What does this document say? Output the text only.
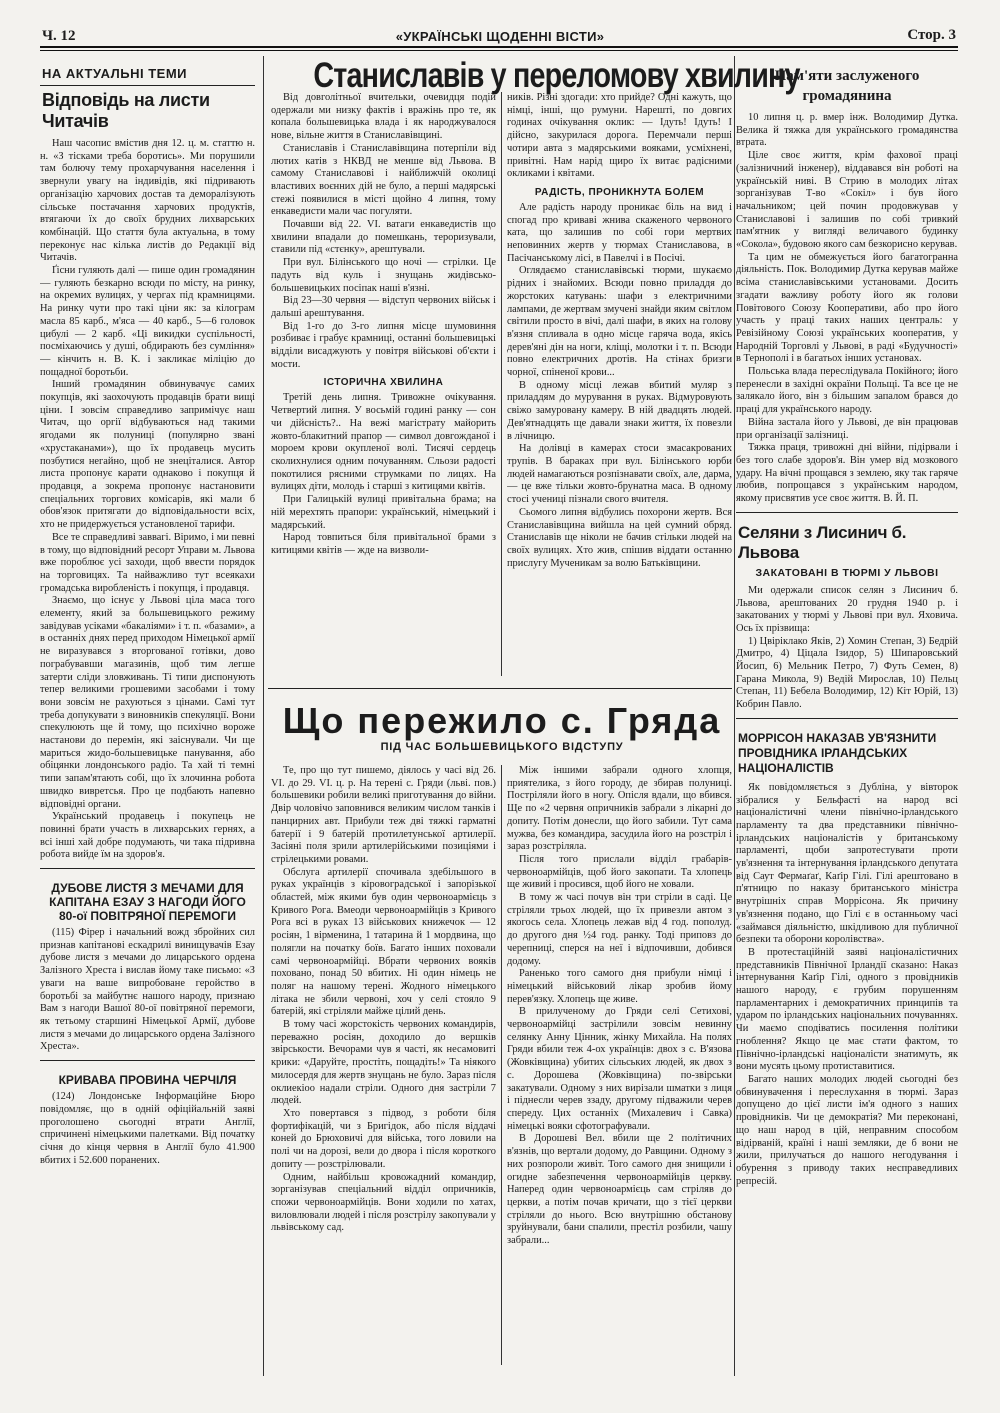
Ч. 12	«УКРАЇНСЬКІ ЩОДЕННІ ВІСТИ»	Стор. 3
НА АКТУАЛЬНІ ТЕМИ
Відповідь на листи Читачів

Наш часопис вмістив дня 12. ц. м. статтю н. н. «З тісками треба боротись». Ми порушили там болючу тему прохарчування населення і звернули увагу на індивідів, які підривають організацію харчових достав та деморалізують сільське постачання харчових продуктів, втягаючи їх до своїх брудних лихварських комбінацій. Що стаття була актуальна, в тому переконує нас кілька листів до Редакції від Читачів.

Ґісни гуляють далі — пише один громадянин — гуляють безкарно всюди по місту, на ринку, на окремих вулицях, у чергах під крамницями. На ринку чути про такі ціни як: за кілограм масла 85 карб., м'яса — 40 карб., 5—6 головок цибулі — 2 карб. «Ці викидки суспільності, посміхаючись у душі, обдирають без сумління» — кінчить н. В. К. і закликає міліцію до пощадної боротьби.

Інший громадянин обвинувачує самих покупців, які заохочують продавців брати вищі ціни. І зовсім справедливо запримічує наш Читач, що оргії відбуваються над такими ягодами як полуниці (популярно звані «хрустаканами»), що їх продавець мусить позбутися негайно, щоб не знеціталися. Автор листа пропонує карати однаково і покупця й продавця, а зокрема пропонує настановити спеціальних торгових комісарів, які мали б обов'язок притягати до відповідальности всіх, хто не придержується установленої тарифи.

Все те справедливі заввагі. Віримо, і ми певні в тому, що відповідний ресорт Управи м. Львова вже пороблює усі заходи, щоб ввести порядок на торговицях. Та найважливо тут всеякахи громадська вирoбленість і покупця, і продавця.

Знаємо, що існує у Львові ціла маса того елементу, який за большевицького режиму завідував усіками «бакаліями» і т. п. «базами», а в останніх днях перед приходом Німецької армії не виразувався з вторгованої готівки, дово пограбувавши магазинів, щоб тим легше затерти сліди зловживань. Ті типи диспонують тепер великими грошевими засобами і тому вони зовсім не рахуються з цінами. Самі тут треба допукувати з виновників спекуляції. Вони спекулюють ще й тому, що психічно вороже настанови до перемін, які заіснували. Чи ще мариться жидо-большевицьке панування, або обіцянки лондонського радіо. Та хай ті темні типи запам'ятають собі, що їх злочинна робота швидко вивретсья. Про це подбають напевно відповідні органи.

Український продавець і покупець не повинні брати участь в лихварських гернях, а всі інші хай добре подумають, чи така підривна робота вийде їм на здоров'я.

ДУБОВЕ ЛИСТЯ З МЕЧАМИ ДЛЯ КАПІТАНА ЕЗАУ З НАГОДИ ЙОГО 80-ої ПОВІТРЯНОЇ ПЕРЕМОГИ

(115) Фірер і начальний вожд збройних сил признав капітанові ескадрилі винищувачів Езау дубове листя з мечами до лицарського ордена Залізного Хреста і вислав йому таке письмо: «З уваги на ваше випробоване геройство в боротьбі за майбутнє нашого народу, признаю Вам з нагоди Вашої 80-ої повітряної перемоги, як тетьому старшині Німецької Армії, дубове листя з мечами до лицарського ордена Залізного Хреста».

КРИВАВА ПРОВИНА ЧЕРЧІЛЯ

(124) Лондонське Інформаційне Бюро повідомляє, що в одній офіційальній заяві проголошено сьогодні втрати Англії, спричинені німецькими палетками. Від початку січня до кінця червня в Англії було 41.900 вбитих і 52.600 поранених.

Станиславів у переломову хвилину

Від довголітньої вчительки, очевидця подій одержали ми низку фактів і вражінь про те, як копала большевицька влада і як народжувалося нове, вільне життя в Станиславівщині.

Станиславів і Станиславівщина потерпіли від лютих катів з НКВД не менше від Львова. В самому Станиславові і найближчій околиці властивих воєнних дій не було, а перші мадярські стежі появилися в місті щойно 4 липня, тому енкаведисти мали час погуляти.

Почавши від 22. VI. ватаги енкаведистів що хвилини впадали до помешкань, тероризували, ставили під «стєнку», арештували.

При вул. Білінського що ночі — стрілки. Це падуть від куль і знущань жидівсько-большевицьких посіпак наші в'язні.

Від 23—30 червня — відступ червоних військ і дальші арештування.

Від 1-го до 3-го липня місце шумовиння розбиває і грабує крамниці, останні большевицькі відділи висаджують у повітря військові об'єкти і мости.

ІСТОРИЧНА ХВИЛИНА

Третій день липня. Тривожне очікування. Четвертий липня. У восьмій годині ранку — сон чи дійсність?.. На вежі магістрату майорить жовто-блакитний прапор — символ довгожданої і мороем крови окупленої волі. Тисячі сердець сколихнулися одним почуванням. Сльози радості покотилися рясними струмками по лицях. На вулицях діти, молодь і старші з китицями квітів.

При Галицькій вулиці привітальна брама; на ній мерехтять прапори: український, німецький і мадярський.

Народ товпиться біля привітальної брами з китицями квітів — жде на визволи-

ників. Різні здогади: хто прийде? Одні кажуть, що німці, інші, що румуни. Нарешті, по довгих годинах очікування оклик: — Ідуть! Ідуть! І дійсно, закурилася дорога. Перемчали перші чотири авта з мадярськими вояками, усміхнені, привітні. Нам нарід щиро їх витає радісними окликами і квітами.

РАДІСТЬ, ПРОНИКНУТА БОЛЕМ

Але радість народу проникає біль на вид і спогад про криваві жнива скаженого червоного ката, що залишив по собі гори мертвих неповинних жертв у тюрмах Станиславова, в Пасічанському лісі, в Павелчі і в Посічі.

Оглядаємо станиславівські тюрми, шукаємо рідних і знайомих. Всюди повно приладдя до жорстоких катувань: шафи з електричними лампами, де жертвам змучені знайди яким світлом світили просто в вічі, далі шафи, в яких на голову в'язня спливала в одно місце гаряча вода, якісь дерев'яні дін на ноги, кліщі, молотки і т. п. Всюди повно електричних дротів. На стінах бризги чорної, спіненої крови...

В одному місці лежав вбитий муляр з приладдям до мурування в руках. Відмуровують свіжо замуровану камеру. В ній двадцять людей. Дев'ятнадцять ще давали знаки життя, їх повезли в лічницю.

На долівці в камерах стоси змасакрованих трупів. В бараках при вул. Білінського юрби людей намагаються розпізнавати своїх, але, дарма, — це вже тільки жовто-брунатна маса. В одному стосі учениці пізнали свого вчителя.

Сьомого липня відбулись похорони жертв. Вся Станиславівщина вийшла на цей сумний обряд. Станиславів ще ніколи не бачив стільки людей на своїх вулицях. Хто жив, спішив віддати останню прислугу Мученикам за волю Батьківщини.

Що пережило с. Гряда
ПІД ЧАС БОЛЬШЕВИЦЬКОГО ВІДСТУПУ

Те, про що тут пишемо, діялось у часі від 26. VI. до 29. VI. ц. р. На терені с. Гряди (льві. пов.) большевики робили великі приготування до війни. Двір чоловічо заповнився великим числом танків і панцирних авт. Прибули теж дві тяжкі гарматні батерії і 9 батерій протилетунської артилерії. Засіяні поля зрили артилерійськими позиціями і стрілецькими ровами.

Обслуга артилерії спочивала здебільшого в руках українців з кіровоградської і запорізької областей, між якими був один червоноармієць з Кривого Рога. Вмеоди червоноармійців з Кривого Рога всі в руках 13 військових книжечок — 12 росіян, 1 вірменина, 1 татарина й 1 мордвина, що полягли на початку боїв. Багато інших поховали самі червоноармійці. Вбрати червоних вояків поховано, понад 50 вбитих. Ні один німець не поляг на нашому терені. Жодного німецького літака не збили червоні, хоч у селі стояло 9 батерій, які стріляли майже цілий день.

В тому часі жорстокість червоних командирів, переважно росіян, доходило до вершків звірськости. Вечорами чув я часті, як несамовиті крики: «Даруйте, простіть, пощадіть!» Та ніякого милосердя для жертв знущань не було. Зараз після оклиекіоо надали стріли. Одного дня застріли 7 людей.

Хто повертався з підвод, з роботи біля фортифікацій, чи з Бригідок, або після віддачі коней до Брюховичі для війська, того ловили на полі чи на дорозі, вели до двора і після короткого допиту — розстрілювали.

Одним, найбільш кровожадний командир, зорганізував спеціальний відділ опричників, спожи червоноармійців. Вони ходили по хатах, виловлювали людей і після розстрілу закопували у львівському сад.

Між іншими забрали одного хлопця, приятелика, з його городу, де збирав полуниці. Постріляли його в ногу. Опісля вдали, що вбився. Ще по «2 червня опричників забрали з лікарні до допиту. Потім донесли, що його забили. Тут сама мужва, без командира, засудила його на розстріл і зараз розстріляла.

Після того прислали відділ грабарів-червоноармійців, щоб його закопати. Та хлопець ще живий і просився, щоб його не ховали.

В тому ж часі почув він три стріли в саді. Це стріляли трьох людей, що їх привезли автом з якогось села. Хлопець лежав від 4 год. пополуд. до другого дня ½4 год. ранку. Тоді приповз до черепниці, сперся на неї і відпочивши, добився додому.

Раненько того самого дня прибули німці і німецький військовий лікар зробив йому перев'язку. Хлопець ще живе.

В прилученому до Гряди селі Сетихові, червоноармійці застрілили зовсім невинну селянку Анну Цінник, жінку Михайла. На полях Гряди вбили теж 4-ох українців: двох з с. В'язова (Жовківщина) убитих сільських людей, як двох з с. Дорошева (Жовківщина) по-звірськи закатували. Одному з них вирізали шматки з лиця і піднесли черев ззаду, другому підважили черев спереду. Цих останніх (Михалевич і Савка) німецькі вояки сфотографували.

В Дорошеві Вел. вбили ще 2 політичних в'язнів, що вертали додому, до Равщини. Одному з них розпороли живіт. Того самого дня знищили і огидне забезпечення червоноармійців церкву. Наперед один червоноармієць сам стріляв до церкви, а потім почав кричати, що з тієї церкви стріляли до нього. Всю внутрішню обстанову зруйнували, бани спалили, престіл розбили, чашу забрали...

Пам'яти заслуженого громадянина

10 липня ц. р. вмер інж. Володимир Дутка. Велика й тяжка для українського громадянства втрата.

Ціле своє життя, крім фахової праці (залізничний інженер), віддавався він роботі на українській ниві. В Стрию в молодих літах зорганізував Т-во «Сокіл» і був його начальником; цей почин продовжував у Станиславові і залишив по собі тривкий пам'ятник у вигляді величавого будинку «Сокола», будовою якого сам безкорисно керував.

Та цим не обмежується його багатогранна діяльність. Пок. Володимир Дутка керував майже всіма станиславівськими установами. Досить згадати важливу роботу його як голови Повітового Союзу Кооперативи, або про його участь у праці таких наших централь: у Ревізійному Союзі українських кооператив, у Народній Торговлі у Львові, в раді «Будучності» в Тернополі і в багатьох інших установах.

Польська влада переслідувала Покійного; його перенесли в західні окраїни Польщі. Та все це не залякало його, він з більшим запалом брався до праці для українського народу.

Війна застала його у Львові, де він працював при організації залізниці.

Тяжка праця, тривожні дні війни, підірвали і без того слабе здоров'я. Він умер від мозкового удару. На вічні прощався з землею, яку так гаряче любив, попрощався з українським народом, якому присвятив усе своє життя. В. Й. П.

Селяни з Лисинич б. Львова
ЗАКАТОВАНІ В ТЮРМІ У ЛЬВОВІ

Ми одержали список селян з Лисинич б. Львова, арештованих 20 грудня 1940 р. і закатованих у тюрмі у Львові при вул. Яховича. Ось їх прізвища:

1) Цвіріклако Яків, 2) Хомин Степан, 3) Бедрій Дмитро, 4) Ціцала Ізидор, 5) Шипаровський Йосип, 6) Мельник Петро, 7) Футь Семен, 8) Гарана Микола, 9) Ведій Мирослав, 10) Пельц Степан, 11) Бебела Володимир, 12) Кіт Юрій, 13) Кобрин Павло.

МОРРІСОН НАКАЗАВ УВ'ЯЗНИТИ ПРОВІДНИКА ІРЛАНДСЬКИХ НАЦІОНАЛІСТІВ

Як повідомляється з Дубліна, у вівторок зібралися у Бельфасті на народ всі націоналістичні члени північно-ірландського парламенту та два представники північно-ірландських націоналістів у британському парламенті, щоби запротестувати проти ув'язнення та інтернування ірландського депутата від Саут Фермаґаґ, Каґір Гілі. Гілі арештовано в п'ятницю по наказу британського міністра внутрішніх справ Моррісона. Як причину ув'язнення подано, що Гілі є в останньому часі «займався діяльністю, шкідливою для публичної безпеки та оборони королівства».

В протестаційній заяві націоналістичних представників Північної Ірландії сказано: Наказ інтернування Каґір Гілі, одного з провідників нашого народу, є грубим порушенням парламентарних і демократичних принципів та ударом по ірландських національних почуваннях. Чи маємо сподіватись посилення політики гноблення? Якщо це має стати фактом, то Північно-ірландські націоналісти знатимуть, як вони мусять цьому протиставитися.

Багато наших молодих людей сьогодні без обвинувачення і переслухання в тюрмі. Зараз допущено до цієї листи ім'я одного з наших провідників. Чи це демократія? Ми переконані, що наш народ в цій, неправним способом відірваній, країні і наші земляки, де б вони не жили, прилучаться до нашого негодування і обурення з приводу таких несправедливих репресій.
